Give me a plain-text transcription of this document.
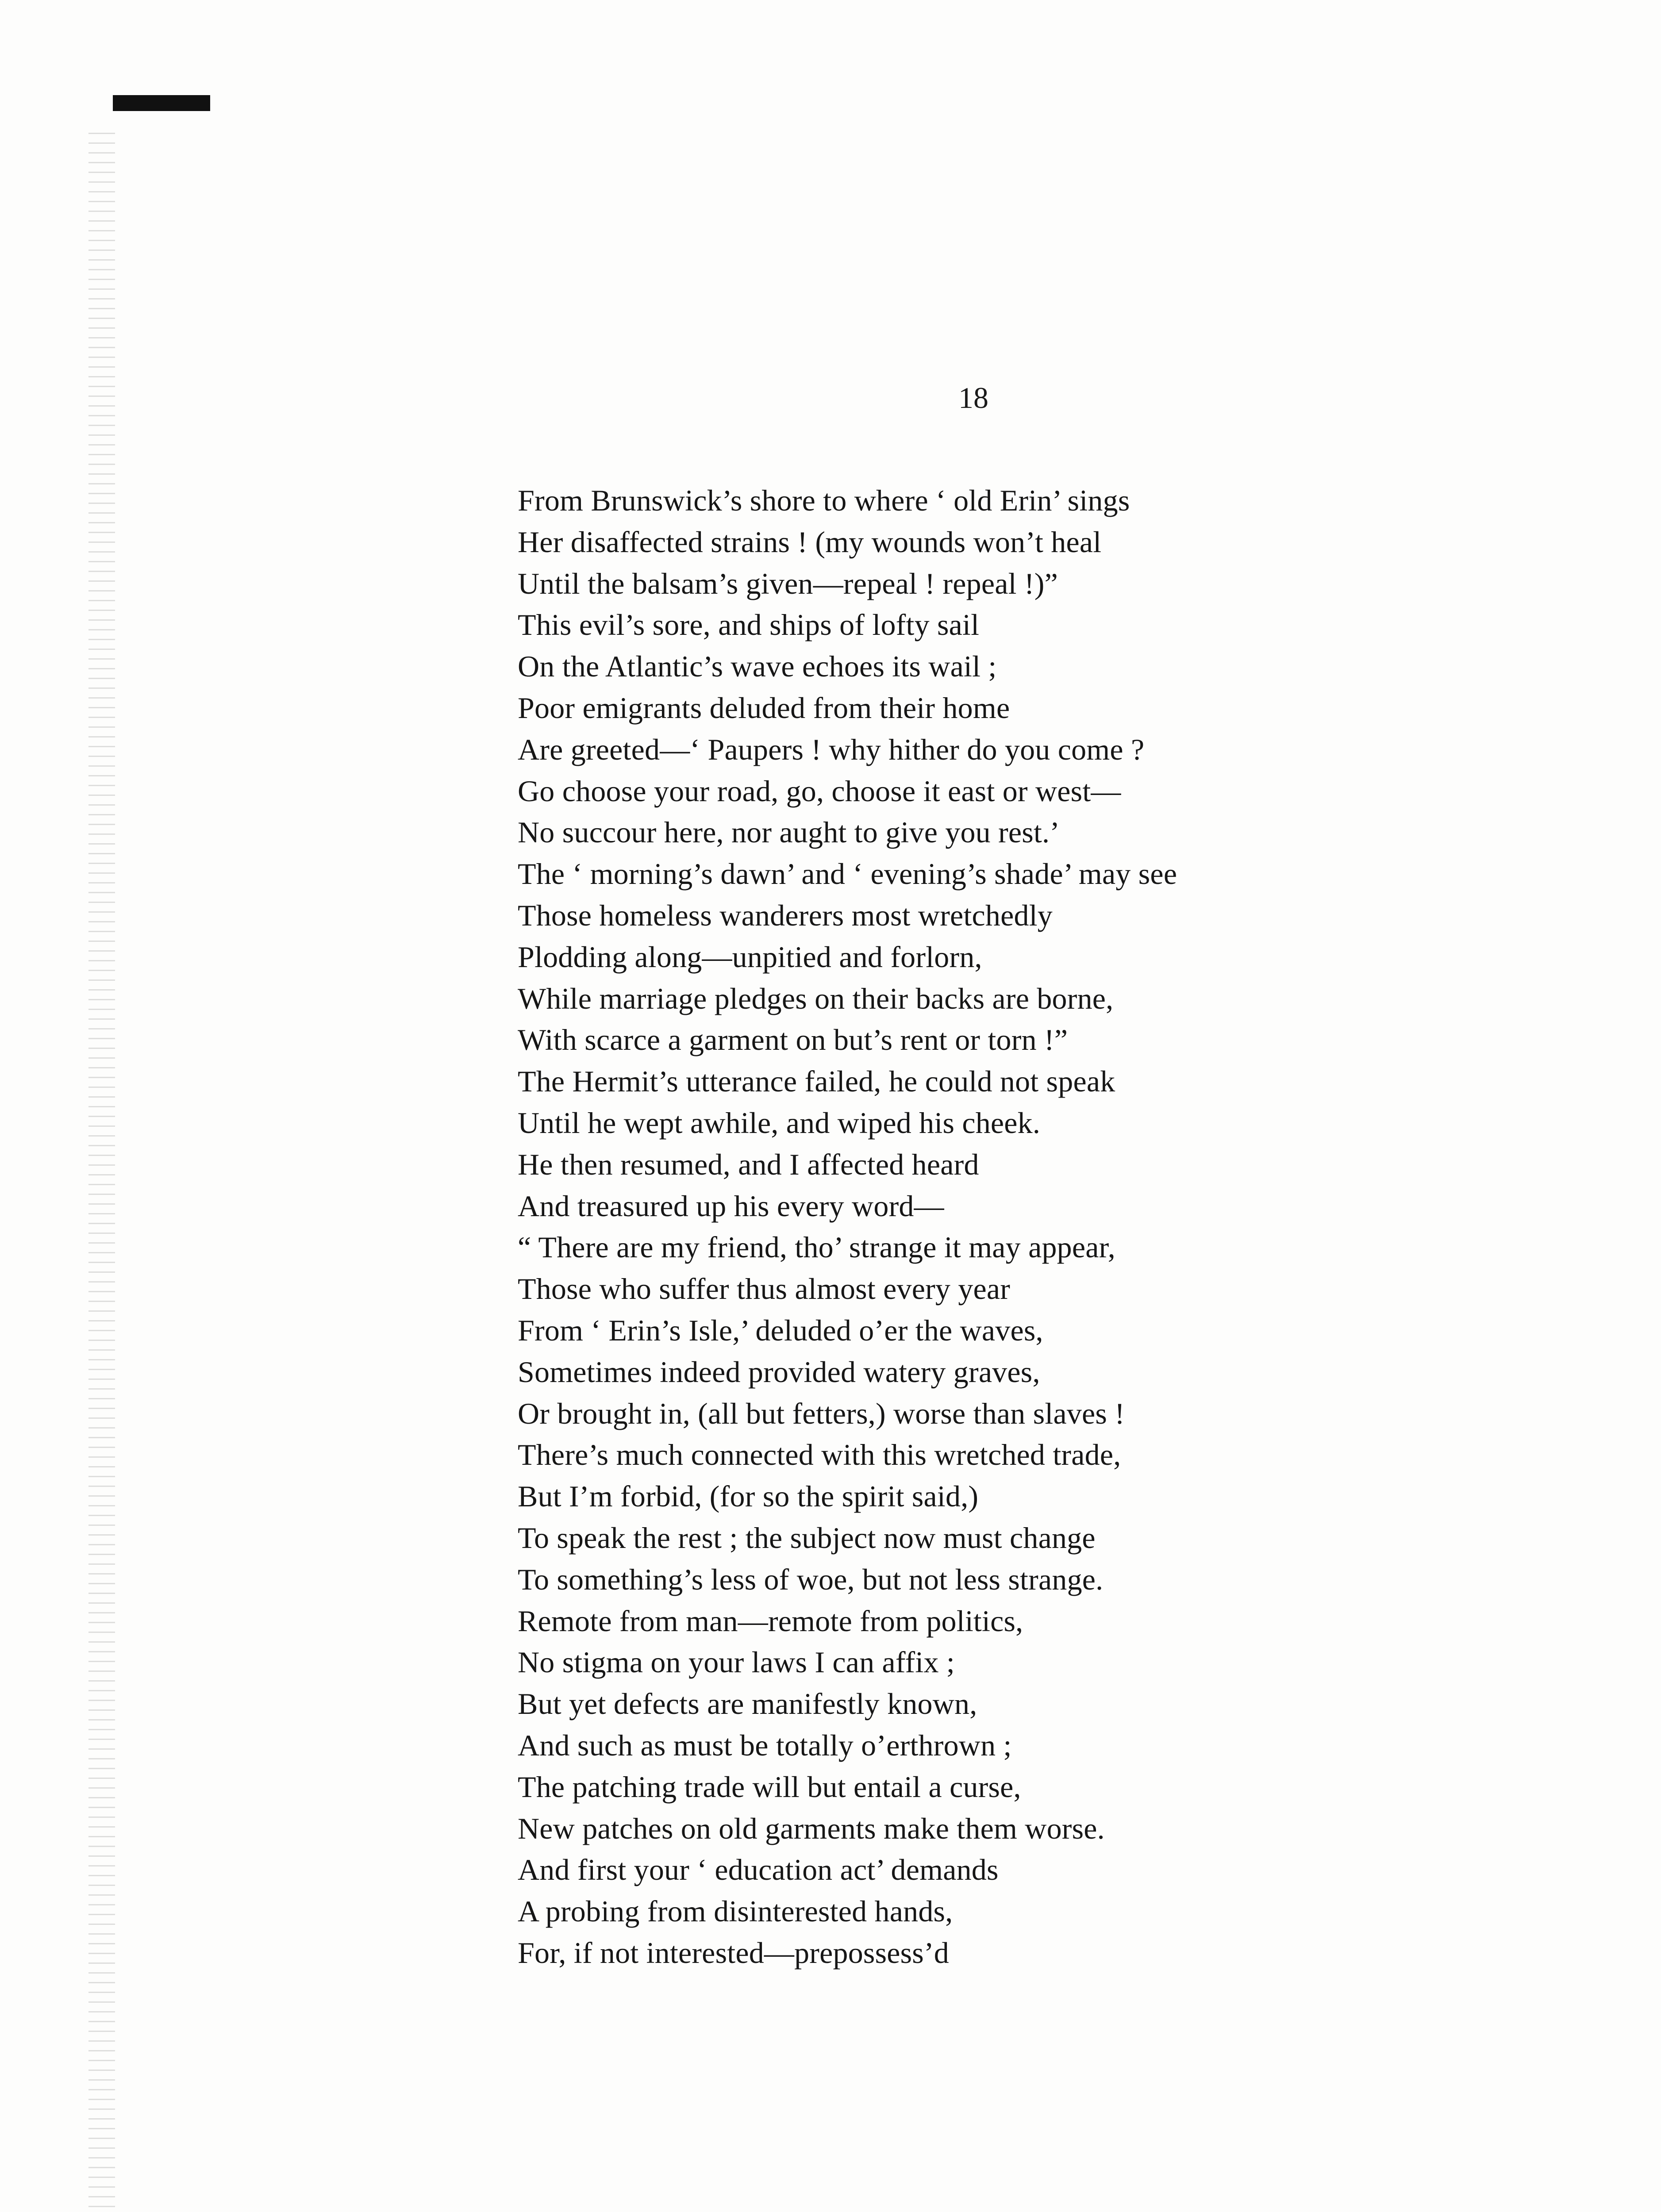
18
From Brunswick’s shore to where ‘ old Erin’ sings
Her disaffected strains ! (my wounds won’t heal
Until the balsam’s given—repeal ! repeal !)”
This evil’s sore, and ships of lofty sail
On the Atlantic’s wave echoes its wail ;
Poor emigrants deluded from their home
Are greeted—‘ Paupers ! why hither do you come ?
Go choose your road, go, choose it east or west—
No succour here, nor aught to give you rest.’
The ‘ morning’s dawn’ and ‘ evening’s shade’ may see
Those homeless wanderers most wretchedly
Plodding along—unpitied and forlorn,
While marriage pledges on their backs are borne,
With scarce a garment on but’s rent or torn !”
The Hermit’s utterance failed, he could not speak
Until he wept awhile, and wiped his cheek.
He then resumed, and I affected heard
And treasured up his every word—
“ There are my friend, tho’ strange it may appear,
Those who suffer thus almost every year
From ‘ Erin’s Isle,’ deluded o’er the waves,
Sometimes indeed provided watery graves,
Or brought in, (all but fetters,) worse than slaves !
There’s much connected with this wretched trade,
But I’m forbid, (for so the spirit said,)
To speak the rest ; the subject now must change
To something’s less of woe, but not less strange.
Remote from man—remote from politics,
No stigma on your laws I can affix ;
But yet defects are manifestly known,
And such as must be totally o’erthrown ;
The patching trade will but entail a curse,
New patches on old garments make them worse.
And first your ‘ education act’ demands
A probing from disinterested hands,
For, if not interested—prepossess’d
